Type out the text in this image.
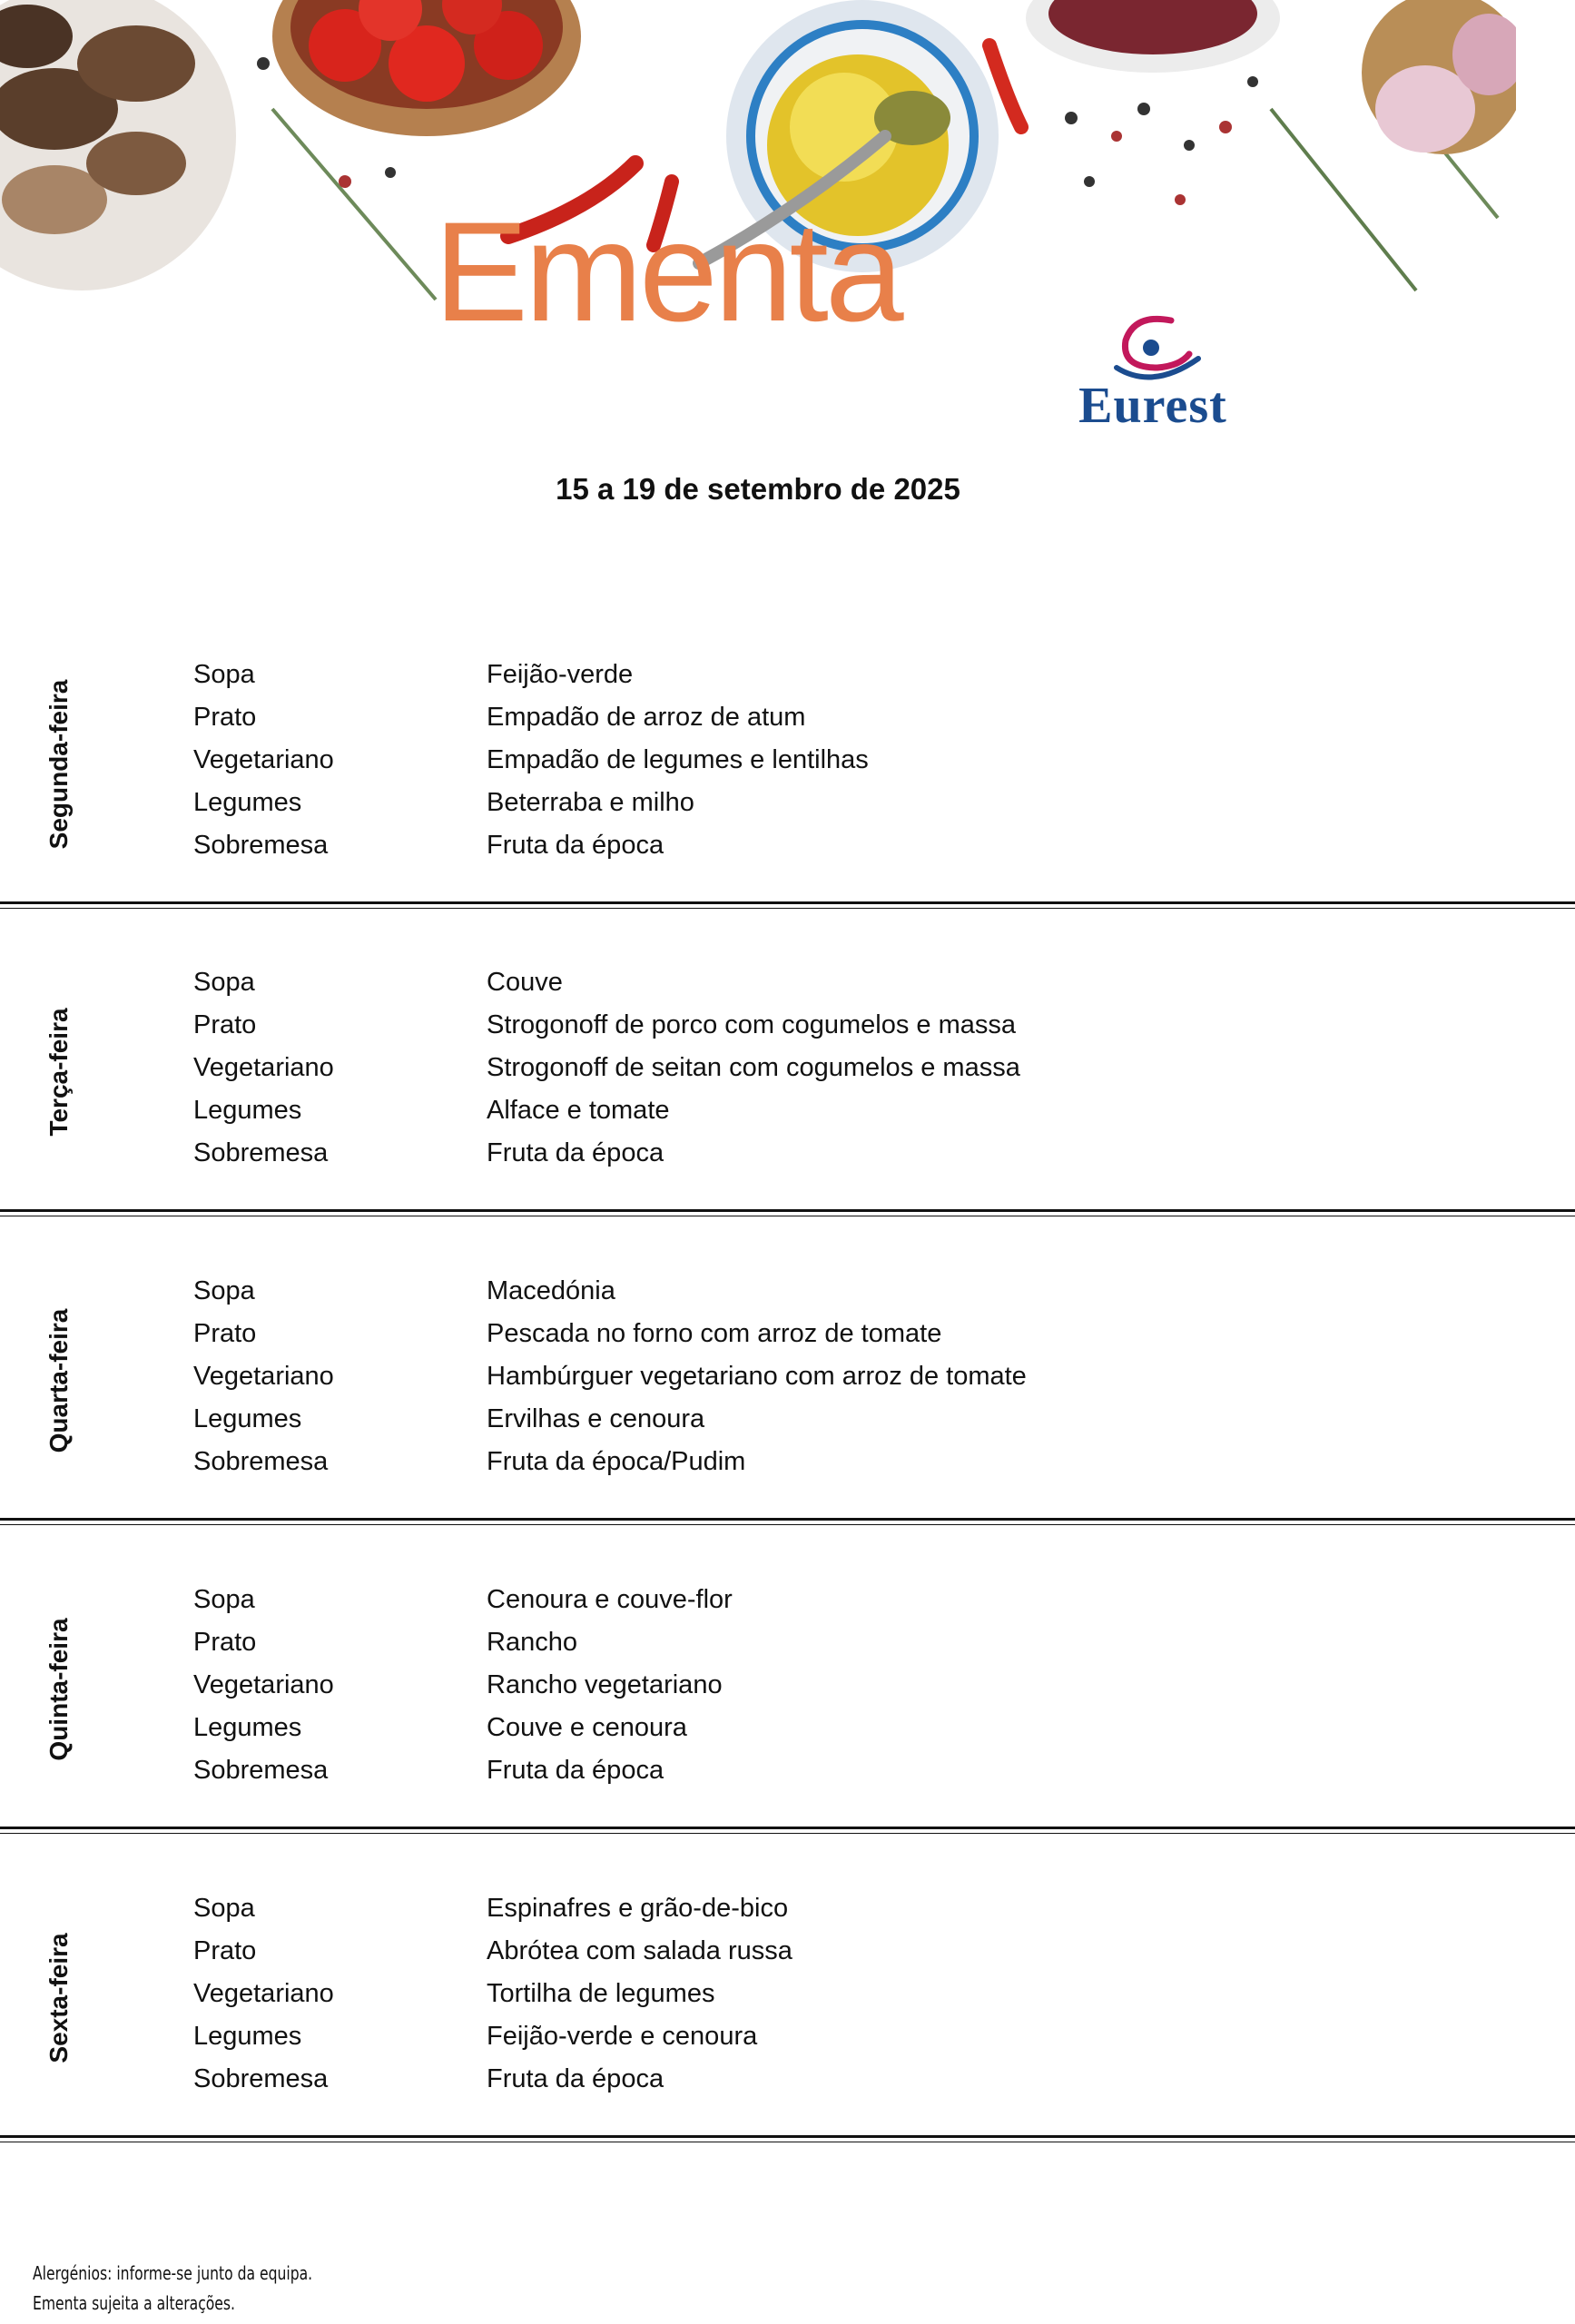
Ementa
Eurest
15 a 19 de setembro de 2025
Segunda-feira
Sopa	Feijão-verde
Prato	Empadão de arroz de atum
Vegetariano	Empadão de legumes e lentilhas
Legumes	Beterraba e milho
Sobremesa	Fruta da época
Terça-feira
Sopa	Couve
Prato	Strogonoff de porco com cogumelos e massa
Vegetariano	Strogonoff de seitan com cogumelos e massa
Legumes	Alface e tomate
Sobremesa	Fruta da época
Quarta-feira
Sopa	Macedónia
Prato	Pescada no forno com arroz de tomate
Vegetariano	Hambúrguer vegetariano com arroz de tomate
Legumes	Ervilhas e cenoura
Sobremesa	Fruta da época/Pudim
Quinta-feira
Sopa	Cenoura e couve-flor
Prato	Rancho
Vegetariano	Rancho vegetariano
Legumes	Couve e cenoura
Sobremesa	Fruta da época
Sexta-feira
Sopa	Espinafres e grão-de-bico
Prato	Abrótea com salada russa
Vegetariano	Tortilha de legumes
Legumes	Feijão-verde e cenoura
Sobremesa	Fruta da época
Alergénios: informe-se junto da equipa.
Ementa sujeita a alterações.
